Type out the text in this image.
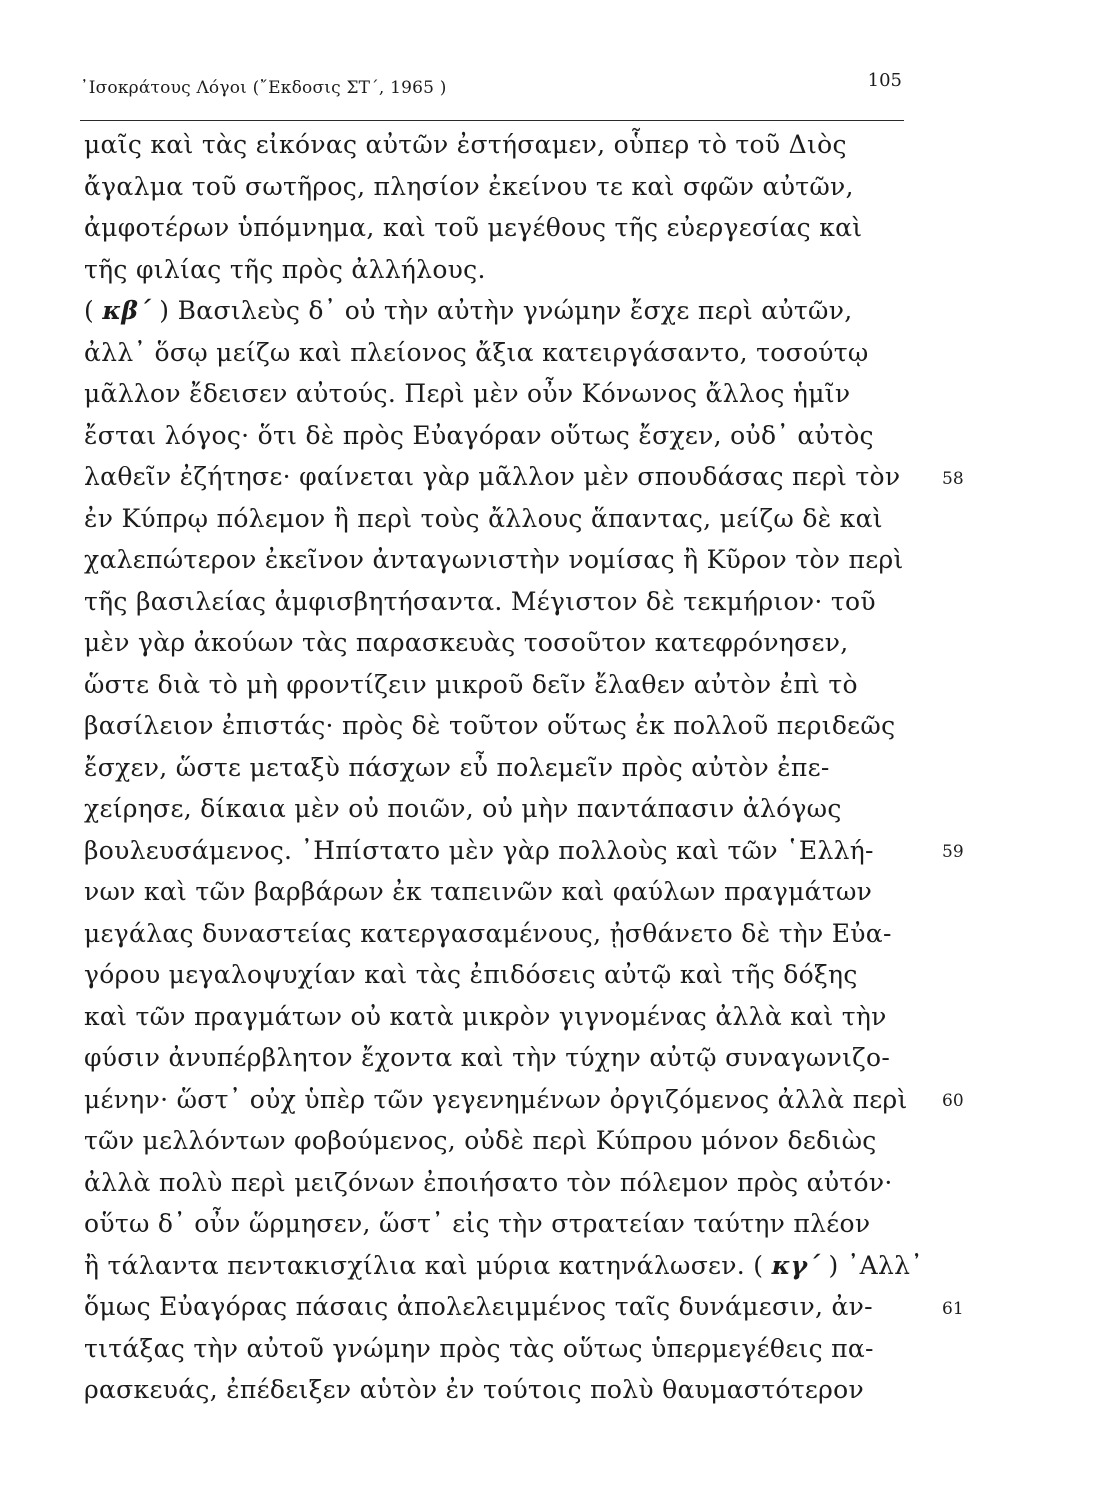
᾿Ισοκράτους Λόγοι (῎Εκδοσις ΣΤ΄, 1965 )	105
μαῖς καὶ τὰς εἰκόνας αὐτῶν ἐστήσαμεν, οὗπερ τὸ τοῦ Διὸς
ἄγαλμα τοῦ σωτῆρος, πλησίον ἐκείνου τε καὶ σφῶν αὐτῶν,
ἀμφοτέρων ὑπόμνημα, καὶ τοῦ μεγέθους τῆς εὐεργεσίας καὶ
τῆς φιλίας τῆς πρὸς ἀλλήλους.
( κβ΄ ) Βασιλεὺς δ᾿ οὐ τὴν αὐτὴν γνώμην ἔσχε περὶ αὐτῶν,
ἀλλ᾿ ὅσῳ μείζω καὶ πλείονος ἄξια κατειργάσαντο, τοσούτῳ
μᾶλλον ἔδεισεν αὐτούς. Περὶ μὲν οὖν Κόνωνος ἄλλος ἡμῖν
ἔσται λόγος· ὅτι δὲ πρὸς Εὐαγόραν οὕτως ἔσχεν, οὐδ᾿ αὐτὸς
λαθεῖν ἐζήτησε· φαίνεται γὰρ μᾶλλον μὲν σπουδάσας περὶ τὸν
ἐν Κύπρῳ πόλεμον ἢ περὶ τοὺς ἄλλους ἅπαντας, μείζω δὲ καὶ
χαλεπώτερον ἐκεῖνον ἀνταγωνιστὴν νομίσας ἢ Κῦρον τὸν περὶ
τῆς βασιλείας ἀμφισβητήσαντα. Μέγιστον δὲ τεκμήριον· τοῦ
μὲν γὰρ ἀκούων τὰς παρασκευὰς τοσοῦτον κατεφρόνησεν,
ὥστε διὰ τὸ μὴ φροντίζειν μικροῦ δεῖν ἔλαθεν αὐτὸν ἐπὶ τὸ
βασίλειον ἐπιστάς· πρὸς δὲ τοῦτον οὕτως ἐκ πολλοῦ περιδεῶς
ἔσχεν, ὥστε μεταξὺ πάσχων εὖ πολεμεῖν πρὸς αὐτὸν ἐπε-
χείρησε, δίκαια μὲν οὐ ποιῶν, οὐ μὴν παντάπασιν ἀλόγως
βουλευσάμενος. ᾿Ηπίστατο μὲν γὰρ πολλοὺς καὶ τῶν ῾Ελλή-
νων καὶ τῶν βαρβάρων ἐκ ταπεινῶν καὶ φαύλων πραγμάτων
μεγάλας δυναστείας κατεργασαμένους, ᾐσθάνετο δὲ τὴν Εὐα-
γόρου μεγαλοψυχίαν καὶ τὰς ἐπιδόσεις αὐτῷ καὶ τῆς δόξης
καὶ τῶν πραγμάτων οὐ κατὰ μικρὸν γιγνομένας ἀλλὰ καὶ τὴν
φύσιν ἀνυπέρβλητον ἔχοντα καὶ τὴν τύχην αὐτῷ συναγωνιζο-
μένην· ὥστ᾿ οὐχ ὑπὲρ τῶν γεγενημένων ὀργιζόμενος ἀλλὰ περὶ
τῶν μελλόντων φοβούμενος, οὐδὲ περὶ Κύπρου μόνον δεδιὼς
ἀλλὰ πολὺ περὶ μειζόνων ἐποιήσατο τὸν πόλεμον πρὸς αὐτόν·
οὕτω δ᾿ οὖν ὥρμησεν, ὥστ᾿ εἰς τὴν στρατείαν ταύτην πλέον
ἢ τάλαντα πεντακισχίλια καὶ μύρια κατηνάλωσεν. ( κγ΄ ) ᾿Αλλ᾿
ὅμως Εὐαγόρας πάσαις ἀπολελειμμένος ταῖς δυνάμεσιν, ἀν-
τιτάξας τὴν αὐτοῦ γνώμην πρὸς τὰς οὕτως ὑπερμεγέθεις πα-
ρασκευάς, ἐπέδειξεν αὑτὸν ἐν τούτοις πολὺ θαυμαστότερον
58
59
60
61
